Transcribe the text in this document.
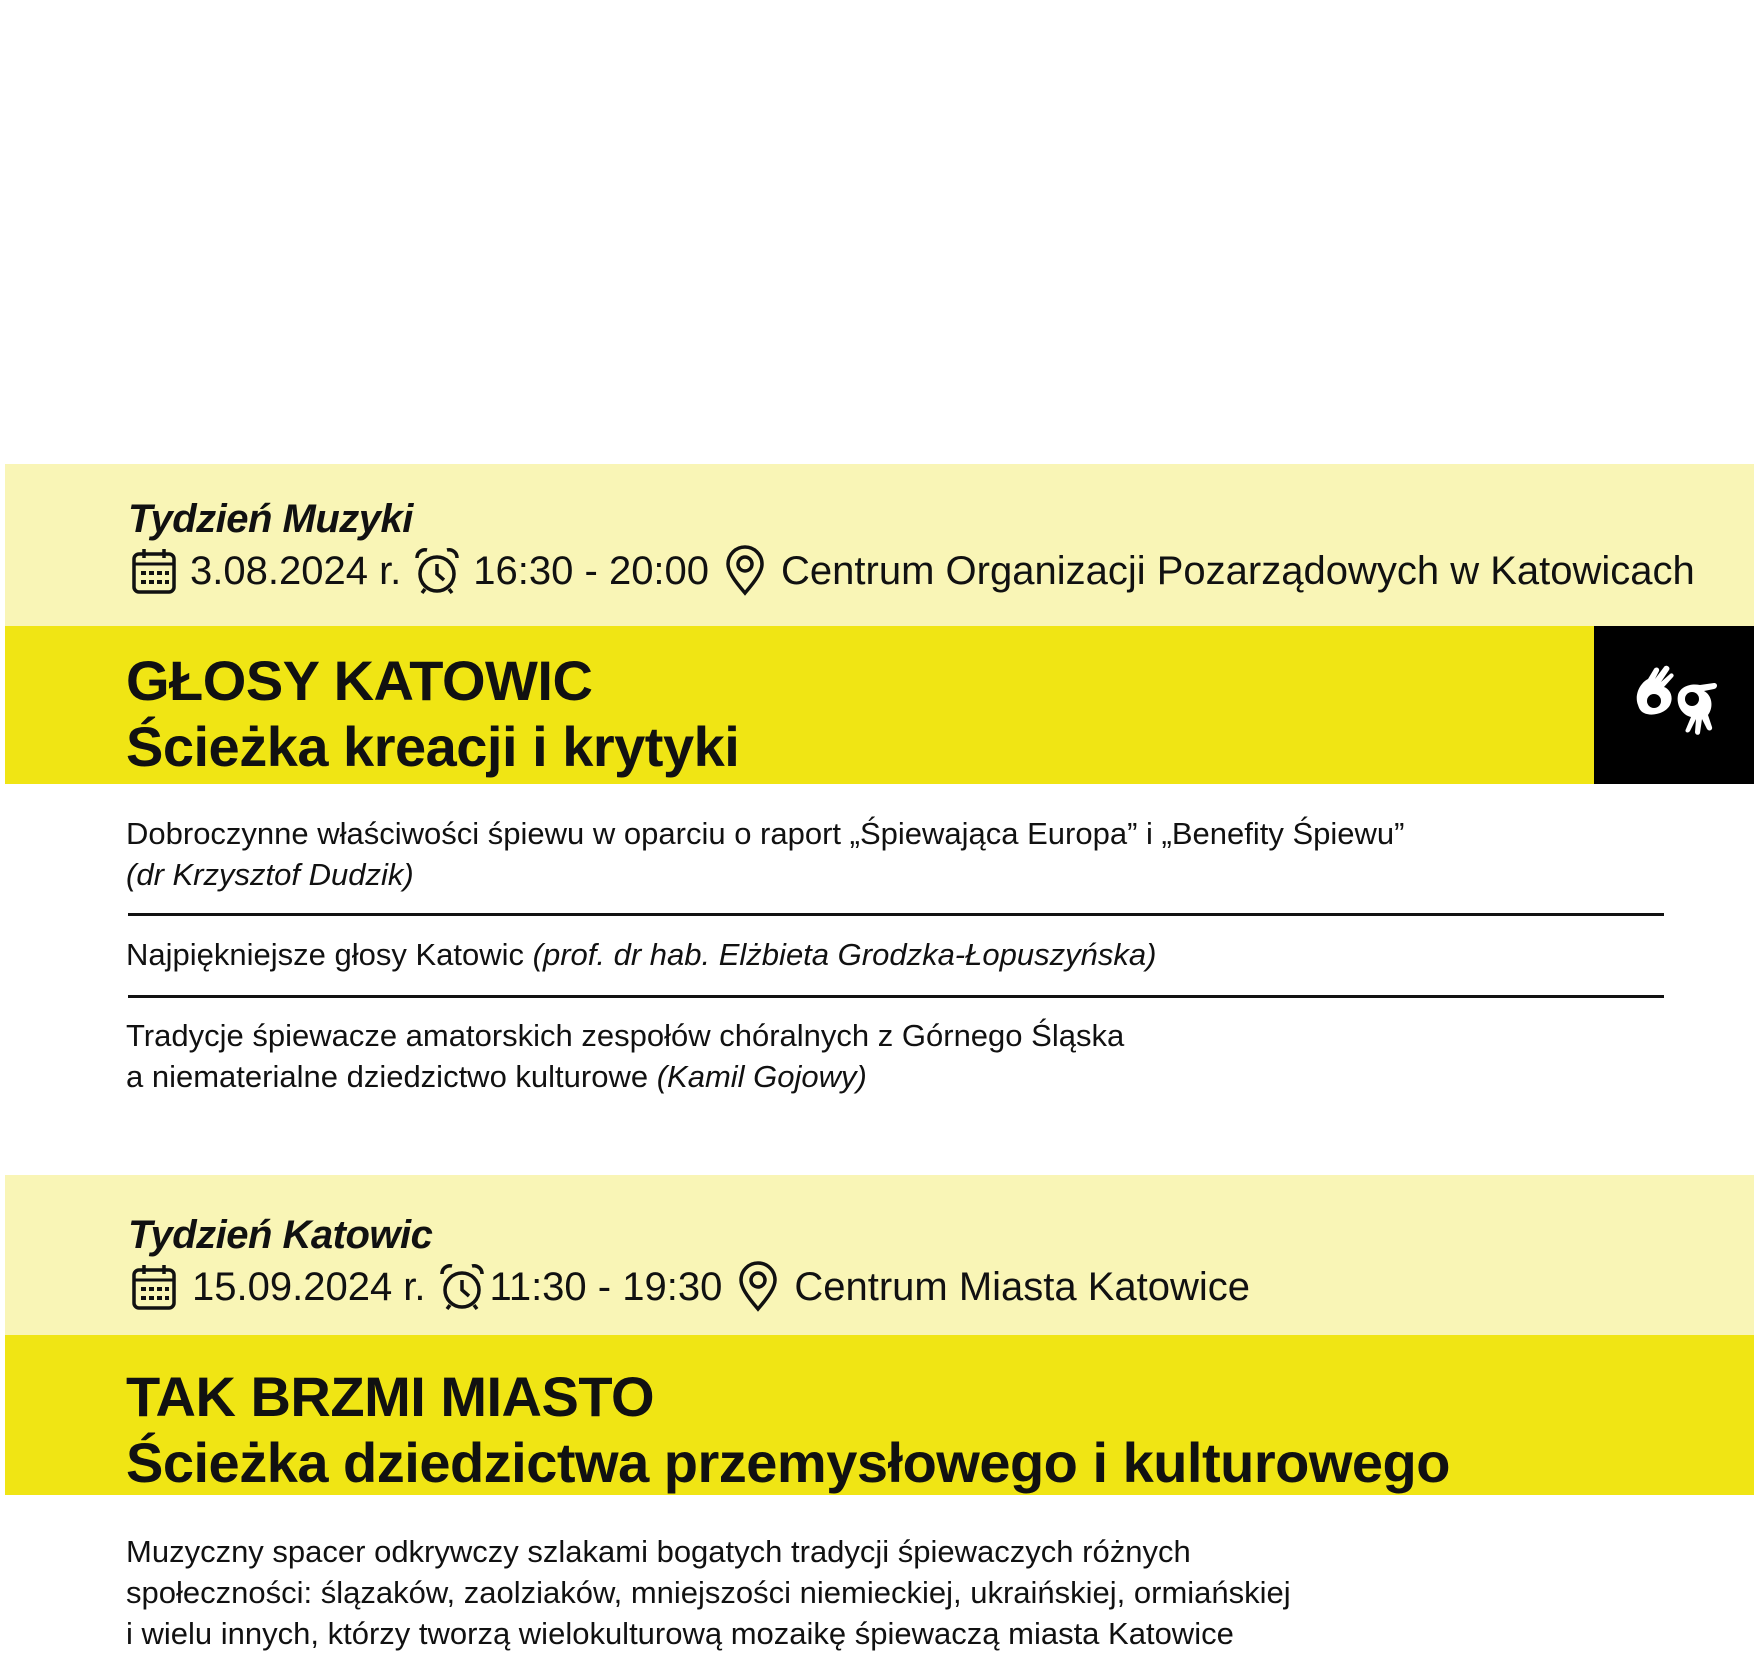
Tydzień Muzyki
3.08.2024 r. 16:30 - 20:00 Centrum Organizacji Pozarządowych w Katowicach
GŁOSY KATOWIC
Ścieżka kreacji i krytyki
Dobroczynne właściwości śpiewu w oparciu o raport „Śpiewająca Europa” i „Benefity Śpiewu”
(dr Krzysztof Dudzik)
Najpiękniejsze głosy Katowic (prof. dr hab. Elżbieta Grodzka-Łopuszyńska)
Tradycje śpiewacze amatorskich zespołów chóralnych z Górnego Śląska
a niematerialne dziedzictwo kulturowe (Kamil Gojowy)
Tydzień Katowic
15.09.2024 r. 11:30 - 19:30 Centrum Miasta Katowice
TAK BRZMI MIASTO
Ścieżka dziedzictwa przemysłowego i kulturowego
Muzyczny spacer odkrywczy szlakami bogatych tradycji śpiewaczych różnych
społeczności: ślązaków, zaolziaków, mniejszości niemieckiej, ukraińskiej, ormiańskiej
i wielu innych, którzy tworzą wielokulturową mozaikę śpiewaczą miasta Katowice
